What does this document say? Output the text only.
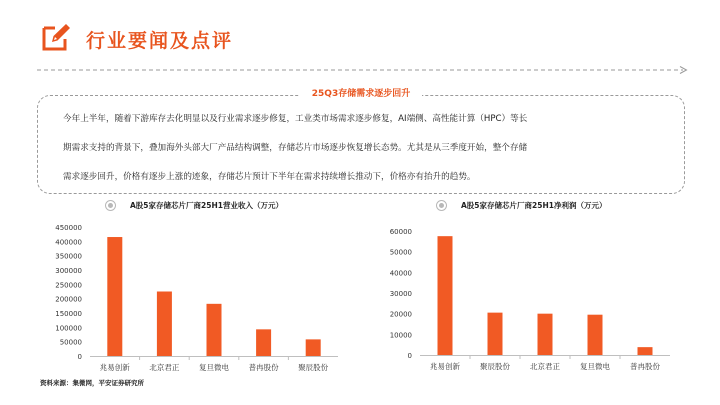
行业要闻及点评
25Q3存储需求逐步回升
今年上半年，随着下游库存去化明显以及行业需求逐步修复，工业类市场需求逐步修复，AI端侧、高性能计算（HPC）等长
期需求支持的背景下，叠加海外头部大厂产品结构调整，存储芯片市场逐步恢复增长态势。尤其是从三季度开始，整个存储
需求逐步回升，价格有逐步上涨的迹象，存储芯片预计下半年在需求持续增长推动下，价格亦有抬升的趋势。
A股5家存储芯片厂商25H1营业收入（万元）	A股5家存储芯片厂商25H1净利润（万元）
0
50000
100000
150000
200000
250000
300000
350000
400000
450000
兆易创新	北京君正	复旦微电	普冉股份	聚辰股份
0
10000
20000
30000
40000
50000
60000
兆易创新	聚辰股份	北京君正	复旦微电	普冉股份
资料来源：集微网，平安证券研究所
